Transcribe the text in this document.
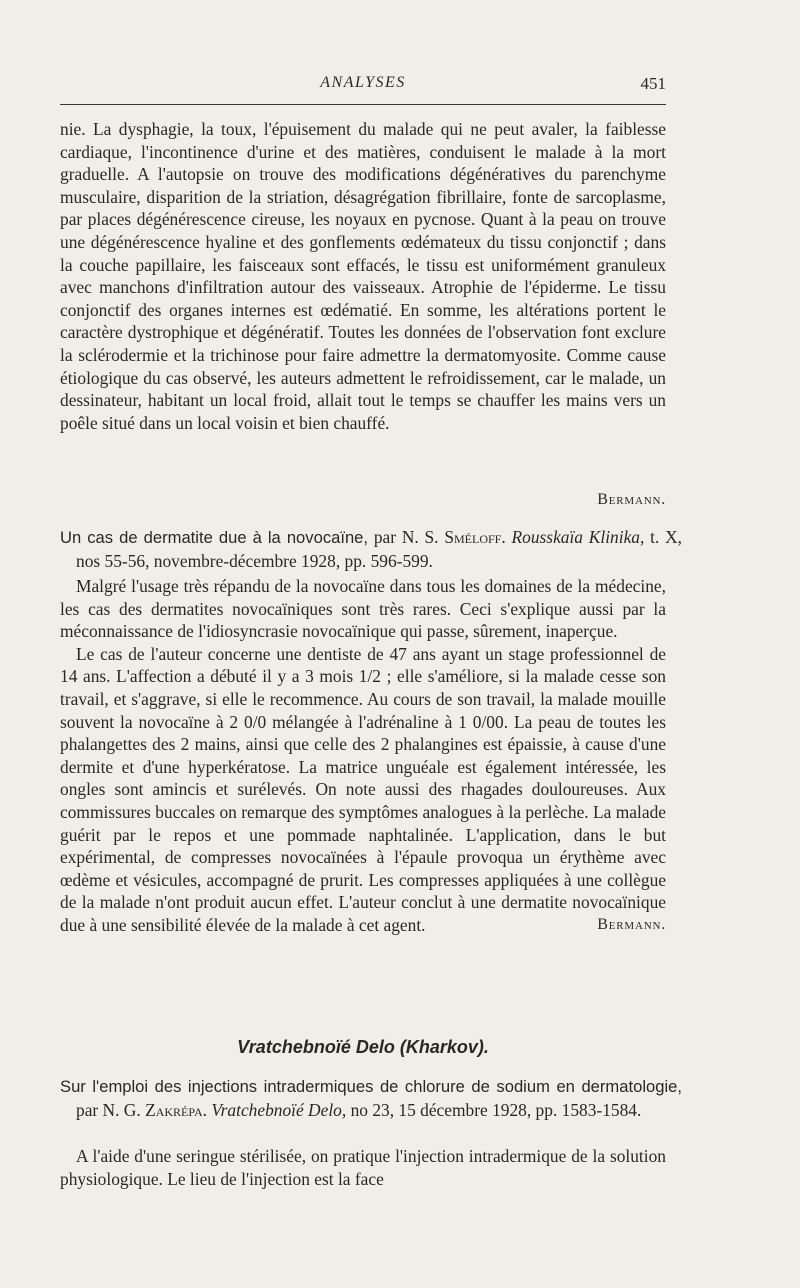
ANALYSES	451
nie. La dysphagie, la toux, l'épuisement du malade qui ne peut avaler, la faiblesse cardiaque, l'incontinence d'urine et des matières, conduisent le malade à la mort graduelle. A l'autopsie on trouve des modifications dégénératives du parenchyme musculaire, disparition de la striation, désagrégation fibrillaire, fonte de sarcoplasme, par places dégénérescence cireuse, les noyaux en pycnose. Quant à la peau on trouve une dégénérescence hyaline et des gonflements œdémateux du tissu conjonctif ; dans la couche papillaire, les faisceaux sont effacés, le tissu est uniformément granuleux avec manchons d'infiltration autour des vaisseaux. Atrophie de l'épiderme. Le tissu conjonctif des organes internes est œdématié. En somme, les altérations portent le caractère dystrophique et dégénératif. Toutes les données de l'observation font exclure la sclérodermie et la trichinose pour faire admettre la dermatomyosite. Comme cause étiologique du cas observé, les auteurs admettent le refroidissement, car le malade, un dessinateur, habitant un local froid, allait tout le temps se chauffer les mains vers un poêle situé dans un local voisin et bien chauffé.
Bermann.
Un cas de dermatite due à la novocaïne, par N. S. Sméloff. Rousskaïa Klinika, t. X, nos 55-56, novembre-décembre 1928, pp. 596-599.

Malgré l'usage très répandu de la novocaïne dans tous les domaines de la médecine, les cas des dermatites novocaïniques sont très rares. Ceci s'explique aussi par la méconnaissance de l'idiosyncrasie novocaïnique qui passe, sûrement, inaperçue.

Le cas de l'auteur concerne une dentiste de 47 ans ayant un stage professionnel de 14 ans. L'affection a débuté il y a 3 mois 1/2 ; elle s'améliore, si la malade cesse son travail, et s'aggrave, si elle le recommence. Au cours de son travail, la malade mouille souvent la novocaïne à 2 0/0 mélangée à l'adrénaline à 1 0/00. La peau de toutes les phalangettes des 2 mains, ainsi que celle des 2 phalangines est épaissie, à cause d'une dermite et d'une hyperkératose. La matrice unguéale est également intéressée, les ongles sont amincis et surélevés. On note aussi des rhagades douloureuses. Aux commissures buccales on remarque des symptômes analogues à la perlèche. La malade guérit par le repos et une pommade naphtalinée. L'application, dans le but expérimental, de compresses novocaïnées à l'épaule provoqua un érythème avec œdème et vésicules, accompagné de prurit. Les compresses appliquées à une collègue de la malade n'ont produit aucun effet. L'auteur conclut à une dermatite novocaïnique due à une sensibilité élevée de la malade à cet agent.	Bermann.

Vratchebnoïé Delo (Kharkov).
Sur l'emploi des injections intradermiques de chlorure de sodium en dermatologie, par N. G. Zakrépa. Vratchebnoïé Delo, no 23, 15 décembre 1928, pp. 1583-1584.

A l'aide d'une seringue stérilisée, on pratique l'injection intradermique de la solution physiologique. Le lieu de l'injection est la face
